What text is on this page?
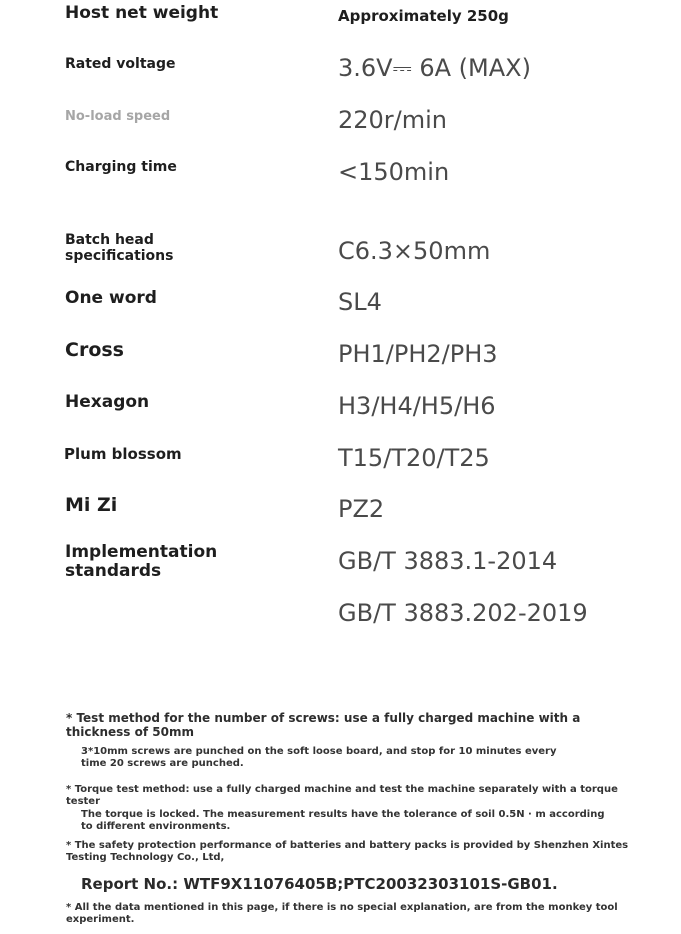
Host net weight	Approximately 250g
Rated voltage	3.6V⎓ 6A (MAX)
No-load speed	220r/min
Charging time	<150min
Batch head
specifications	C6.3×50mm
One word	SL4
Cross	PH1/PH2/PH3
Hexagon	H3/H4/H5/H6
Plum blossom	T15/T20/T25
Mi Zi	PZ2
Implementation
standards	GB/T 3883.1-2014
GB/T 3883.202-2019
* Test method for the number of screws: use a fully charged machine with a thickness of 50mm
3*10mm screws are punched on the soft loose board, and stop for 10 minutes every time 20 screws are punched.
* Torque test method: use a fully charged machine and test the machine separately with a torque tester
The torque is locked. The measurement results have the tolerance of soil 0.5N · m according to different environments.
* The safety protection performance of batteries and battery packs is provided by Shenzhen Xintes Testing Technology Co., Ltd,
Report No.: WTF9X11076405B;PTC20032303101S-GB01.
* All the data mentioned in this page, if there is no special explanation, are from the monkey tool experiment.
